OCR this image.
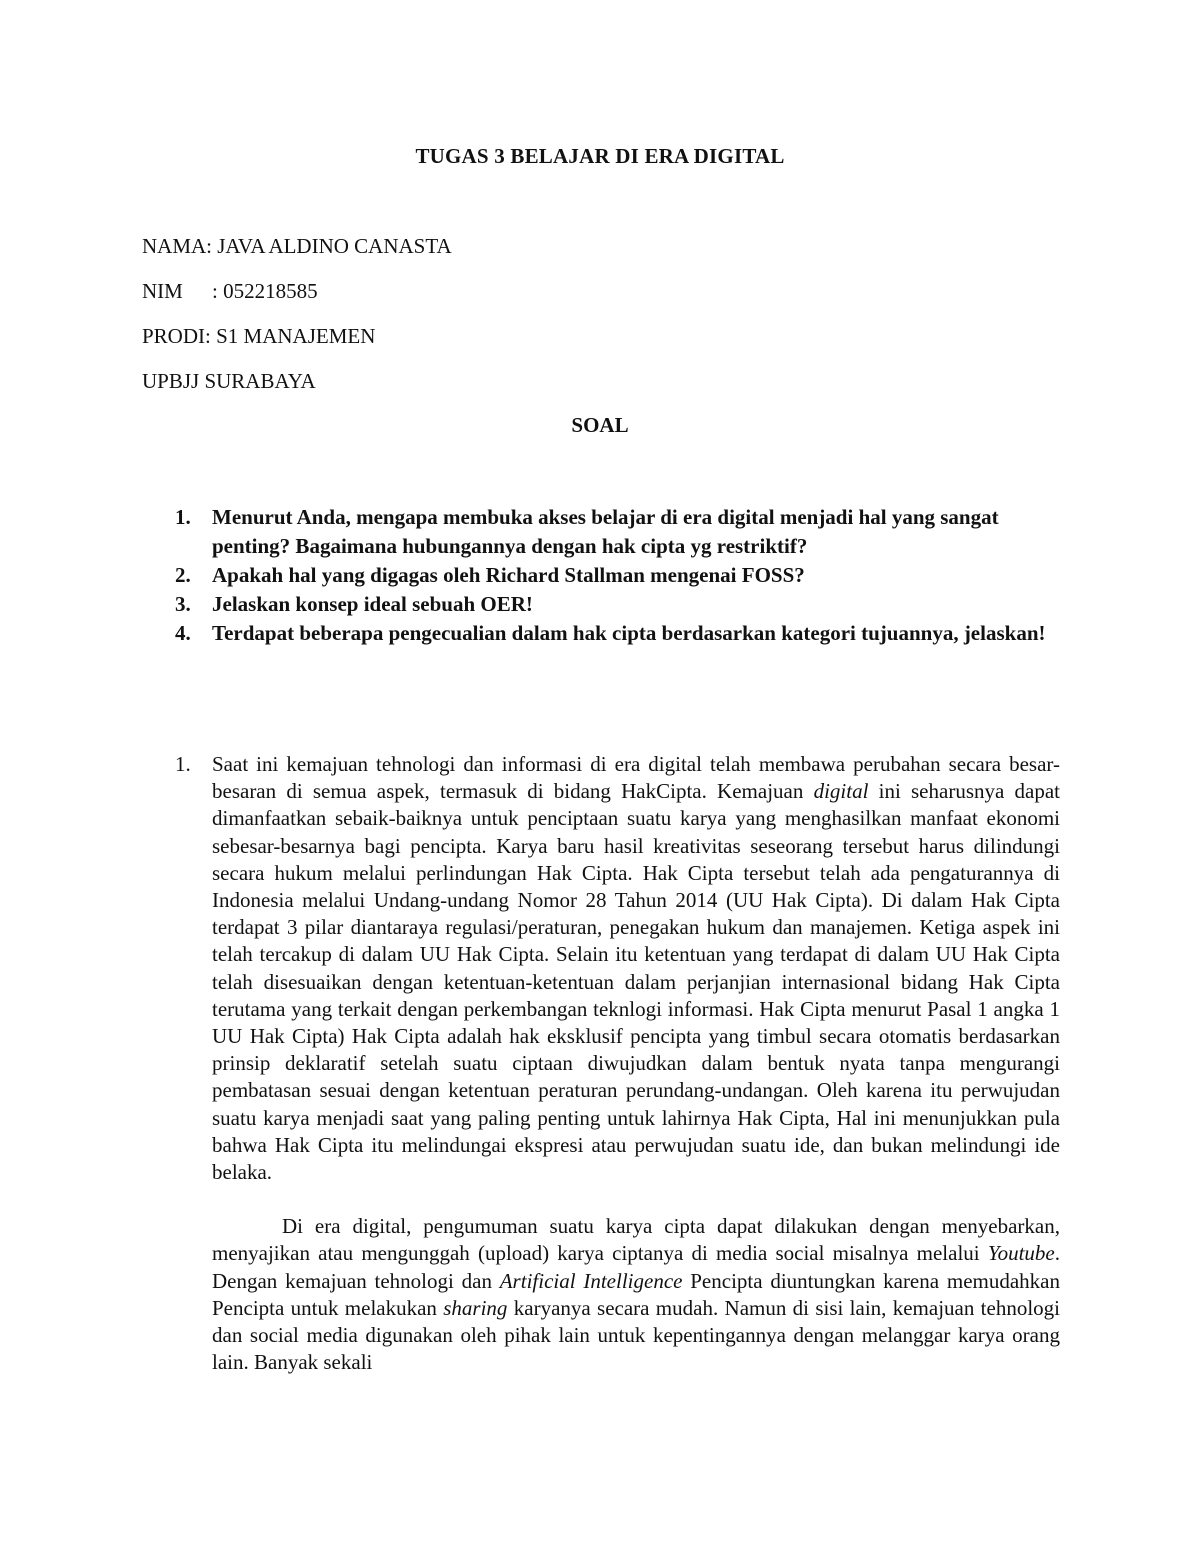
TUGAS 3 BELAJAR DI ERA DIGITAL
NAMA: JAVA ALDINO CANASTA
NIM : 052218585
PRODI: S1 MANAJEMEN
UPBJJ SURABAYA
SOAL
1. Menurut Anda, mengapa membuka akses belajar di era digital menjadi hal yang sangat penting? Bagaimana hubungannya dengan hak cipta yg restriktif?
2. Apakah hal yang digagas oleh Richard Stallman mengenai FOSS?
3. Jelaskan konsep ideal sebuah OER!
4. Terdapat beberapa pengecualian dalam hak cipta berdasarkan kategori tujuannya, jelaskan!
1.	Saat ini kemajuan tehnologi dan informasi di era digital telah membawa perubahan secara besar-besaran di semua aspek, termasuk di bidang HakCipta. Kemajuan digital ini seharusnya dapat dimanfaatkan sebaik-baiknya untuk penciptaan suatu karya yang menghasilkan manfaat ekonomi sebesar-besarnya bagi pencipta. Karya baru hasil kreativitas seseorang tersebut harus dilindungi secara hukum melalui perlindungan Hak Cipta. Hak Cipta tersebut telah ada pengaturannya di Indonesia melalui Undang-undang Nomor 28 Tahun 2014 (UU Hak Cipta). Di dalam Hak Cipta terdapat 3 pilar diantaraya regulasi/peraturan, penegakan hukum dan manajemen. Ketiga aspek ini telah tercakup di dalam UU Hak Cipta. Selain itu ketentuan yang terdapat di dalam UU Hak Cipta telah disesuaikan dengan ketentuan-ketentuan dalam perjanjian internasional bidang Hak Cipta terutama yang terkait dengan perkembangan teknlogi informasi. Hak Cipta menurut Pasal 1 angka 1 UU Hak Cipta) Hak Cipta adalah hak eksklusif pencipta yang timbul secara otomatis berdasarkan prinsip deklaratif setelah suatu ciptaan diwujudkan dalam bentuk nyata tanpa mengurangi pembatasan sesuai dengan ketentuan peraturan perundang-undangan. Oleh karena itu perwujudan suatu karya menjadi saat yang paling penting untuk lahirnya Hak Cipta, Hal ini menunjukkan pula bahwa Hak Cipta itu melindungai ekspresi atau perwujudan suatu ide, dan bukan melindungi ide belaka.

Di era digital, pengumuman suatu karya cipta dapat dilakukan dengan menyebarkan, menyajikan atau mengunggah (upload) karya ciptanya di media social misalnya melalui Youtube. Dengan kemajuan tehnologi dan Artificial Intelligence Pencipta diuntungkan karena memudahkan Pencipta untuk melakukan sharing karyanya secara mudah. Namun di sisi lain, kemajuan tehnologi dan social media digunakan oleh pihak lain untuk kepentingannya dengan melanggar karya orang lain. Banyak sekali
